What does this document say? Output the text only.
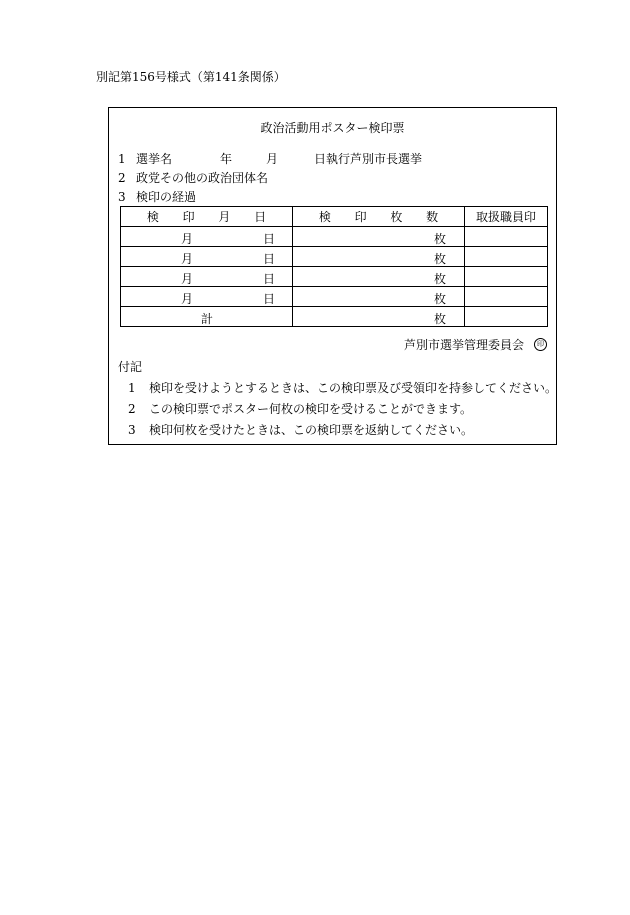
別記第156号様式（第141条関係）
政治活動用ポスター検印票
1 選挙名	年	月	日執行芦別市長選挙
2 政党その他の政治団体名
3 検印の経過
検 印 月 日	検 印 枚 数	取扱職員印

月 日	枚	

月 日	枚	

月 日	枚	

月 日	枚	

計	枚	

芦別市選挙管理委員会	印
付記
1 検印を受けようとするときは、この検印票及び受領印を持参してください。
2 この検印票でポスター何枚の検印を受けることができます。
3 検印何枚を受けたときは、この検印票を返納してください。
